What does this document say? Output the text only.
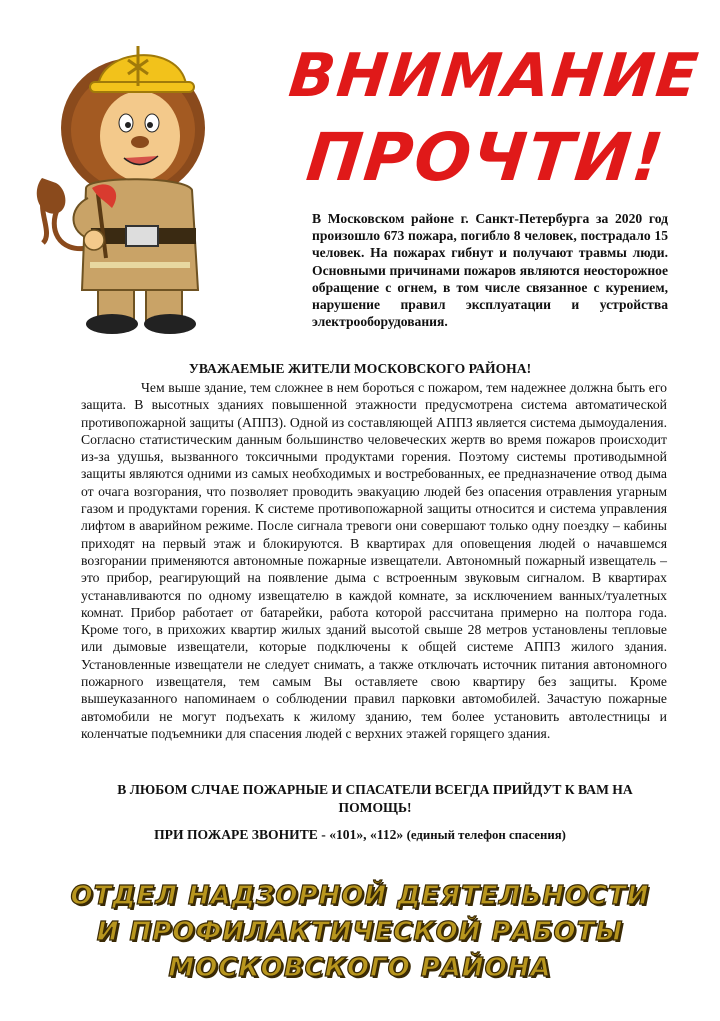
ВНИМАНИЕ
ПРОЧТИ!
В Московском районе г. Санкт-Петербурга за 2020 год произошло 673 пожара, погибло 8 человек, пострадало 15 человек. На пожарах гибнут и получают травмы люди. Основными причинами пожаров являются неосторожное обращение с огнем, в том числе связанное с курением, нарушение правил эксплуатации и устройства электрооборудования.
УВАЖАЕМЫЕ ЖИТЕЛИ МОСКОВСКОГО РАЙОНА!
Чем выше здание, тем сложнее в нем бороться с пожаром, тем надежнее должна быть его защита. В высотных зданиях повышенной этажности предусмотрена система автоматической противопожарной защиты (АППЗ). Одной из составляющей АППЗ является система дымоудаления. Согласно статистическим данным большинство человеческих жертв во время пожаров происходит из-за удушья, вызванного токсичными продуктами горения. Поэтому системы противодымной защиты являются одними из самых необходимых и востребованных, ее предназначение отвод дыма от очага возгорания, что позволяет проводить эвакуацию людей без опасения отравления угарным газом и продуктами горения. К системе противопожарной защиты относится и система управления лифтом в аварийном режиме. После сигнала тревоги они совершают только одну поездку – кабины приходят на первый этаж и блокируются. В квартирах для оповещения людей о начавшемся возгорании применяются автономные пожарные извещатели. Автономный пожарный извещатель – это прибор, реагирующий на появление дыма с встроенным звуковым сигналом. В квартирах устанавливаются по одному извещателю в каждой комнате, за исключением ванных/туалетных комнат. Прибор работает от батарейки, работа которой рассчитана примерно на полтора года. Кроме того, в прихожих квартир жилых зданий высотой свыше 28 метров установлены тепловые или дымовые извещатели, которые подключены к общей системе АППЗ жилого здания. Установленные извещатели не следует снимать, а также отключать источник питания автономного пожарного извещателя, тем самым Вы оставляете свою квартиру без защиты. Кроме вышеуказанного напоминаем о соблюдении правил парковки автомобилей. Зачастую пожарные автомобили не могут подъехать к жилому зданию, тем более установить автолестницы и коленчатые подъемники для спасения людей с верхних этажей горящего здания.
В ЛЮБОМ СЛЧАЕ ПОЖАРНЫЕ И СПАСАТЕЛИ ВСЕГДА ПРИЙДУТ К ВАМ НА ПОМОЩЬ!
ПРИ ПОЖАРЕ ЗВОНИТЕ - «101», «112» (единый телефон спасения)
ОТДЕЛ НАДЗОРНОЙ ДЕЯТЕЛЬНОСТИ
И ПРОФИЛАКТИЧЕСКОЙ РАБОТЫ
МОСКОВСКОГО РАЙОНА
